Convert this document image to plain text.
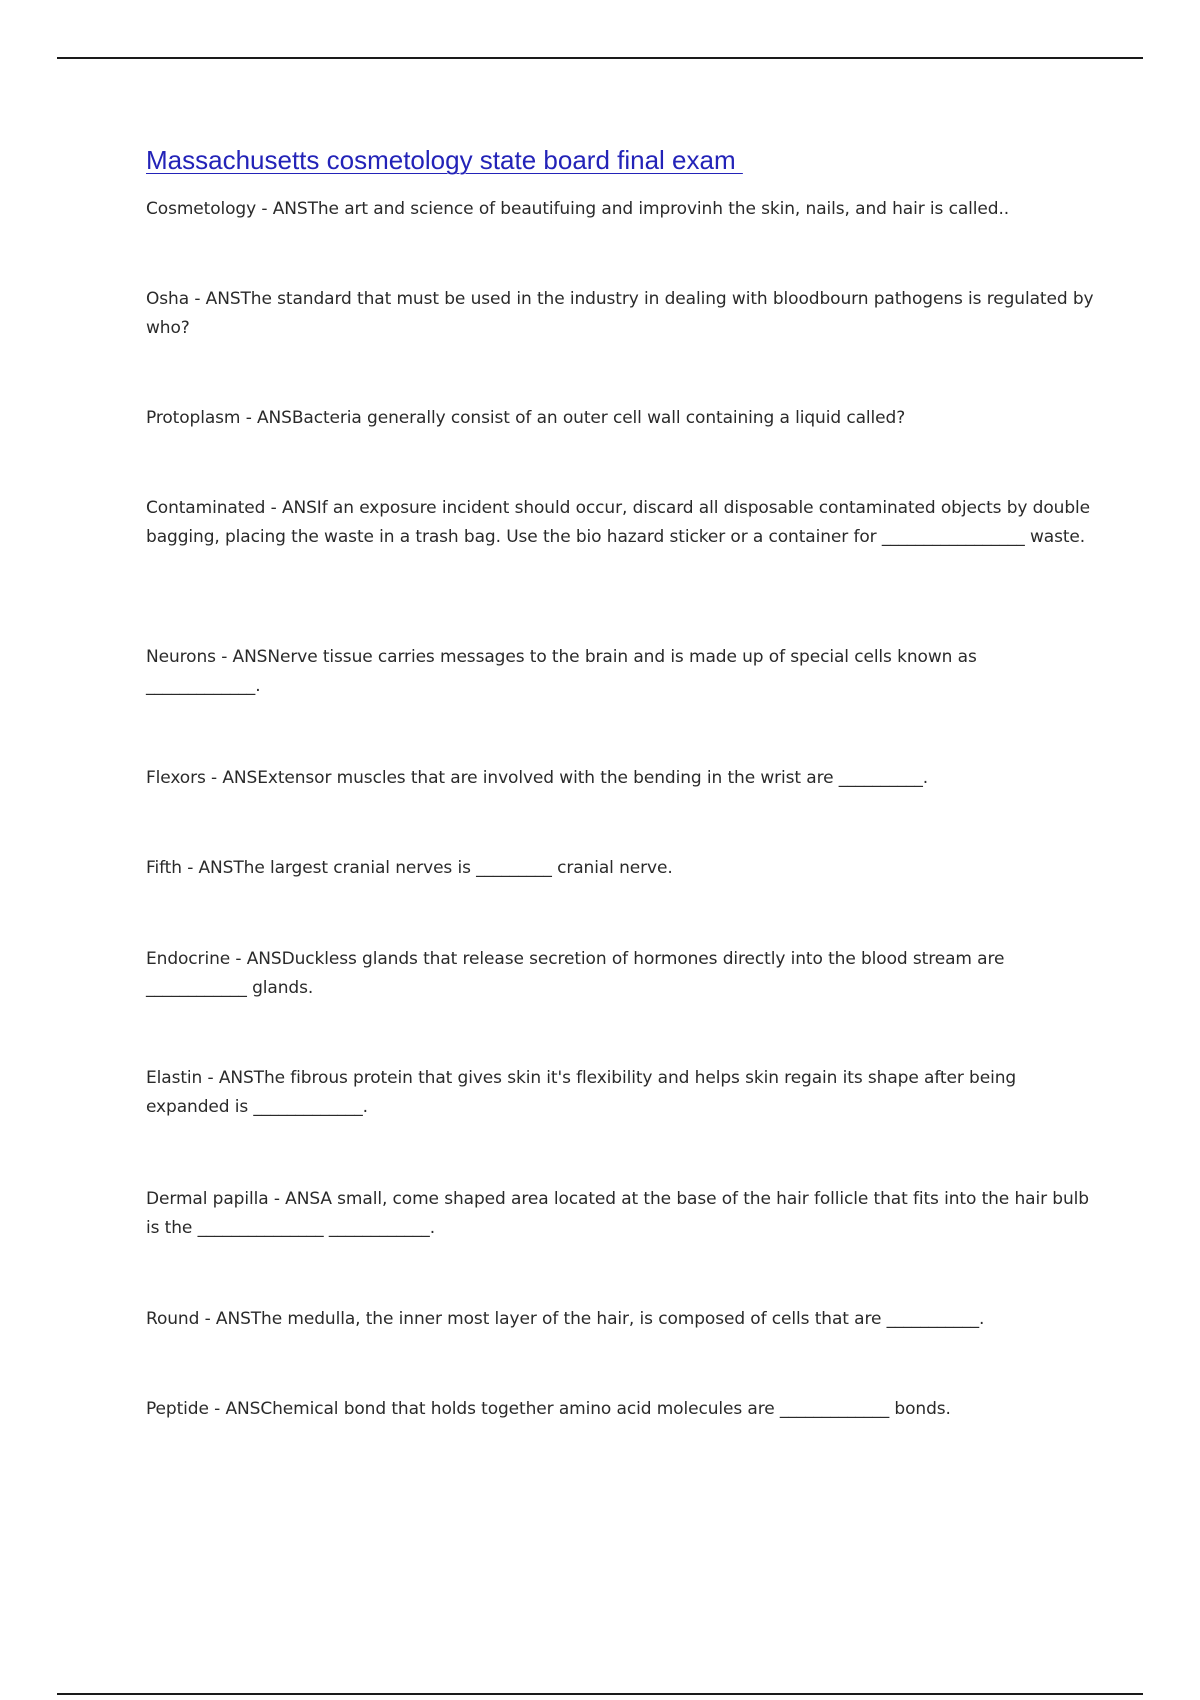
Massachusetts cosmetology state board final exam

Cosmetology - ANSThe art and science of beautifuing and improvinh the skin, nails, and hair is called..

Osha - ANSThe standard that must be used in the industry in dealing with bloodbourn pathogens is regulated by who?

Protoplasm - ANSBacteria generally consist of an outer cell wall containing a liquid called?

Contaminated - ANSIf an exposure incident should occur, discard all disposable contaminated objects by double bagging, placing the waste in a trash bag. Use the bio hazard sticker or a container for _________________ waste.

Neurons - ANSNerve tissue carries messages to the brain and is made up of special cells known as _____________.

Flexors - ANSExtensor muscles that are involved with the bending in the wrist are __________.

Fifth - ANSThe largest cranial nerves is _________ cranial nerve.

Endocrine - ANSDuckless glands that release secretion of hormones directly into the blood stream are ____________ glands.

Elastin - ANSThe fibrous protein that gives skin it's flexibility and helps skin regain its shape after being expanded is _____________.

Dermal papilla - ANSA small, come shaped area located at the base of the hair follicle that fits into the hair bulb is the _______________ ____________.

Round - ANSThe medulla, the inner most layer of the hair, is composed of cells that are ___________.

Peptide - ANSChemical bond that holds together amino acid molecules are _____________ bonds.
